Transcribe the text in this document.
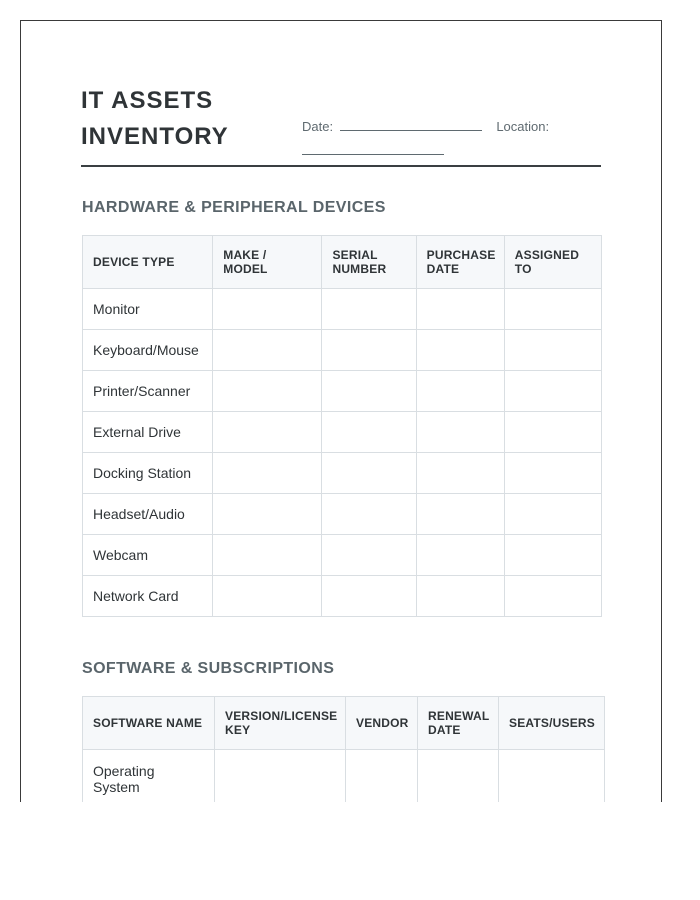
IT ASSETS
INVENTORY	Date:	Location:

HARDWARE & PERIPHERAL DEVICES
DEVICE TYPE	MAKE / MODEL	SERIAL NUMBER	PURCHASE DATE	ASSIGNED TO
Monitor				
Keyboard/Mouse				
Printer/Scanner				
External Drive				
Docking Station				
Headset/Audio				
Webcam				
Network Card				
SOFTWARE & SUBSCRIPTIONS
SOFTWARE NAME	VERSION/LICENSE KEY	VENDOR	RENEWAL DATE	SEATS/USERS
Operating System				
